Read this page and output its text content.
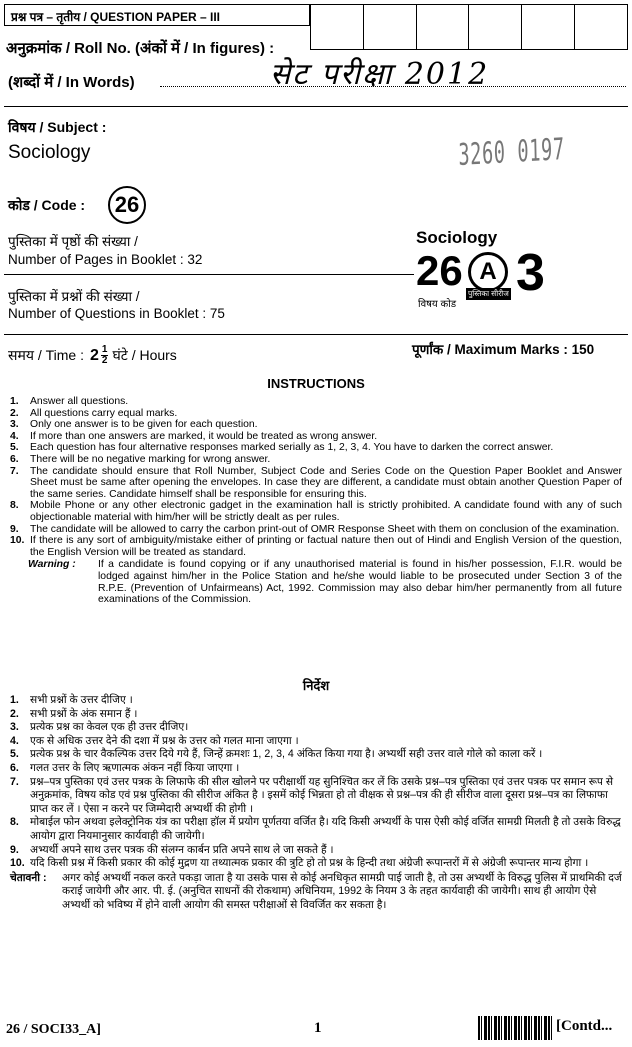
प्रश्न पत्र – तृतीय / QUESTION PAPER – III
अनुक्रमांक / Roll No. (अंकों में / In figures) :
(शब्दों में / In Words)	सेट परीक्षा 2012
विषय / Subject :
Sociology	3260 0197
कोड / Code : 26
पुस्तिका में पृष्ठों की संख्या /
Number of Pages in Booklet : 32
पुस्तिका में प्रश्नों की संख्या /
Number of Questions in Booklet : 75
Sociology
26 A 3
विषय कोड
पुस्तिका सीरीज
समय / Time : $2 \frac{1}{2}$ घंटे / Hours	पूर्णांक / Maximum Marks : 150
INSTRUCTIONS
1.	Answer all questions.
2.	All questions carry equal marks.
3.	Only one answer is to be given for each question.
4.	If more than one answers are marked, it would be treated as wrong answer.
5.	Each question has four alternative responses marked serially as 1, 2, 3, 4. You have to darken the correct answer.
6.	There will be no negative marking for wrong answer.
7.	The candidate should ensure that Roll Number, Subject Code and Series Code on the Question Paper Booklet and Answer Sheet must be same after opening the envelopes. In case they are different, a candidate must obtain another Question Paper of the same series. Candidate himself shall be responsible for ensuring this.
8.	Mobile Phone or any other electronic gadget in the examination hall is strictly prohibited. A candidate found with any of such objectionable material with him/her will be strictly dealt as per rules.
9.	The candidate will be allowed to carry the carbon print-out of OMR Response Sheet with them on conclusion of the examination.
10. If there is any sort of ambiguity/mistake either of printing or factual nature then out of Hindi and English Version of the question, the English Version will be treated as standard.
Warning :	If a candidate is found copying or if any unauthorised material is found in his/her possession, F.I.R. would be lodged against him/her in the Police Station and he/she would liable to be prosecuted under Section 3 of the R.P.E. (Prevention of Unfairmeans) Act, 1992. Commission may also debar him/her permanently from all future examinations of the Commission.
निर्देश
1.	सभी प्रश्नों के उत्तर दीजिए ।
2.	सभी प्रश्नों के अंक समान हैं ।
3.	प्रत्येक प्रश्न का केवल एक ही उत्तर दीजिए।
4.	एक से अधिक उत्तर देने की दशा में प्रश्न के उत्तर को गलत माना जाएगा ।
5.	प्रत्येक प्रश्न के चार वैकल्पिक उत्तर दिये गये हैं, जिन्हें क्रमशः 1, 2, 3, 4 अंकित किया गया है। अभ्यर्थी सही उत्तर वाले गोले को काला करें ।
6.	गलत उत्तर के लिए ऋणात्मक अंकन नहीं किया जाएगा ।
7.	प्रश्न–पत्र पुस्तिका एवं उत्तर पत्रक के लिफाफे की सील खोलने पर परीक्षार्थी यह सुनिश्चित कर लें कि उसके प्रश्न–पत्र पुस्तिका एवं उत्तर पत्रक पर समान रूप से अनुक्रमांक, विषय कोड एवं प्रश्न पुस्तिका की सीरीज अंकित है । इसमें कोई भिन्नता हो तो वीक्षक से प्रश्न–पत्र की ही सीरीज वाला दूसरा प्रश्न–पत्र का लिफाफा प्राप्त कर लें । ऐसा न करने पर जिम्मेदारी अभ्यर्थी की होगी ।
8.	मोबाईल फोन अथवा इलेक्ट्रोनिक यंत्र का परीक्षा हॉल में प्रयोग पूर्णतया वर्जित है। यदि किसी अभ्यर्थी के पास ऐसी कोई वर्जित सामग्री मिलती है तो उसके विरुद्ध आयोग द्वारा नियमानुसार कार्यवाही की जायेगी।
9.	अभ्यर्थी अपने साथ उत्तर पत्रक की संलग्न कार्बन प्रति अपने साथ ले जा सकते हैं ।
10. यदि किसी प्रश्न में किसी प्रकार की कोई मुद्रण या तथ्यात्मक प्रकार की त्रुटि हो तो प्रश्न के हिन्दी तथा अंग्रेजी रूपान्तरों में से अंग्रेजी रूपान्तर मान्य होगा ।
चेतावनी :	अगर कोई अभ्यर्थी नकल करते पकड़ा जाता है या उसके पास से कोई अनधिकृत सामग्री पाई जाती है, तो उस अभ्यर्थी के विरुद्ध पुलिस में प्राथमिकी दर्ज कराई जायेगी और आर. पी. ई. (अनुचित साधनों की रोकथाम) अधिनियम, 1992 के नियम 3 के तहत कार्यवाही की जायेगी। साथ ही आयोग ऐसे अभ्यर्थी को भविष्य में होने वाली आयोग की समस्त परीक्षाओं से विवर्जित कर सकता है।
26 / SOCI33_A]	1	[Contd...
